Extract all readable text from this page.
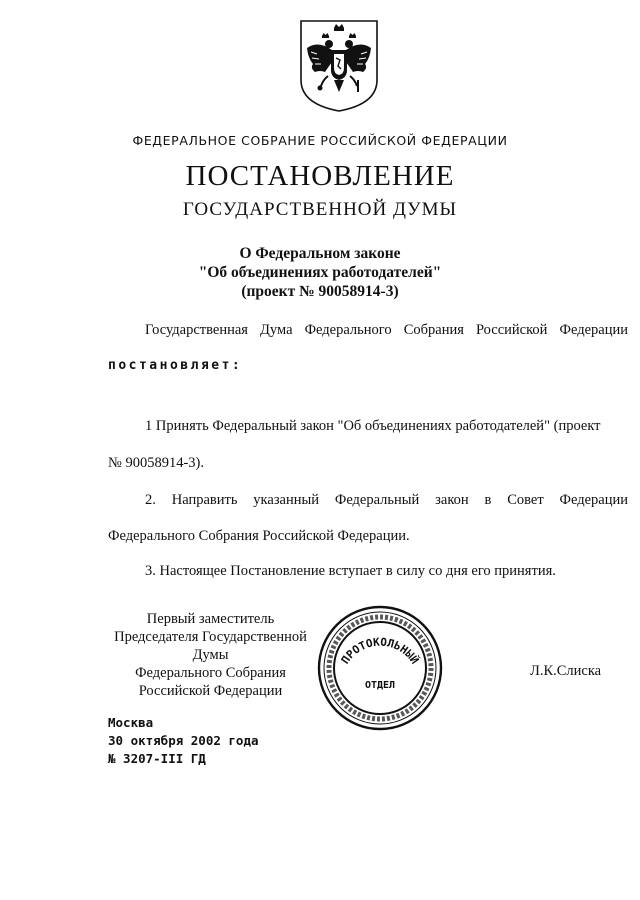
ФЕДЕРАЛЬНОЕ СОБРАНИЕ РОССИЙСКОЙ ФЕДЕРАЦИИ
ПОСТАНОВЛЕНИЕ
ГОСУДАРСТВЕННОЙ ДУМЫ
О Федеральном законе
"Об объединениях работодателей"
(проект № 90058914-3)
Государственная Дума Федерального Собрания Российской Федерации
постановляет:
1 Принять Федеральный закон "Об объединениях работодателей" (проект
№ 90058914-3).
2. Направить указанный Федеральный закон в Совет Федерации
Федерального Собрания Российской Федерации.
3. Настоящее Постановление вступает в силу со дня его принятия.
Первый заместитель
Председателя Государственной Думы
Федерального Собрания
Российской Федерации
ПРОТОКОЛЬНЫЙ
ОТДЕЛ
Л.К.Слиска
Москва
30 октября 2002 года
№ 3207-III ГД
